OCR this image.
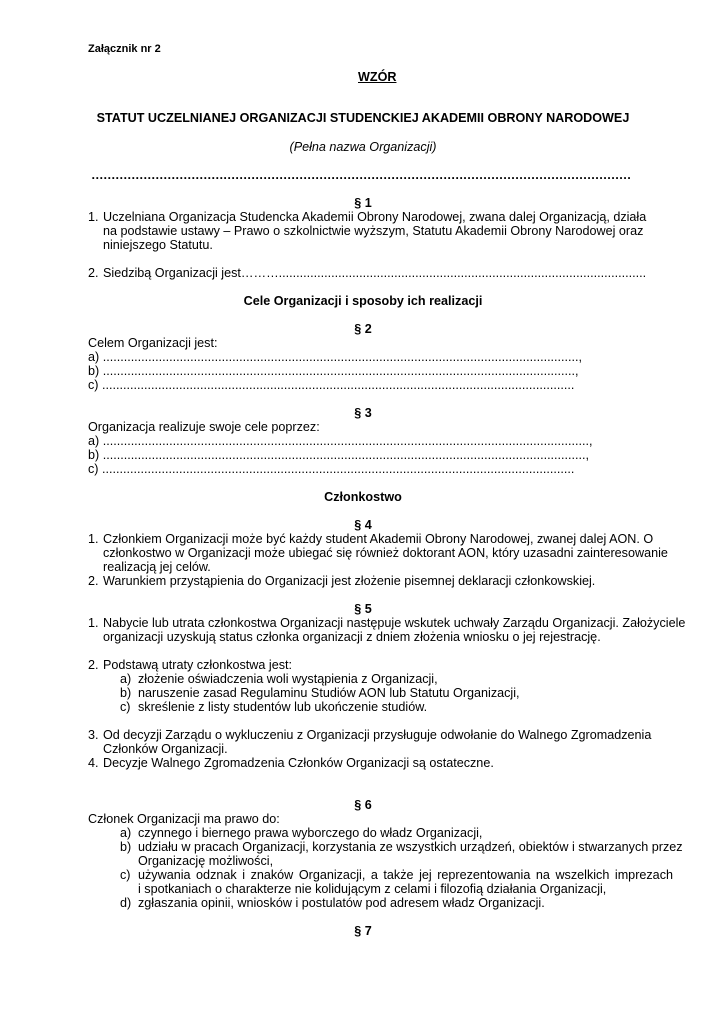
Załącznik nr 2
WZÓR
STATUT UCZELNIANEJ ORGANIZACJI STUDENCKIEJ AKADEMII OBRONY NARODOWEJ
(Pełna nazwa Organizacji)
………………………………………………………………………………………………………………………
§ 1
1. Uczelniana Organizacja Studencka Akademii Obrony Narodowej, zwana dalej Organizacją, działa
na podstawie ustawy – Prawo o szkolnictwie wyższym, Statutu Akademii Obrony Narodowej oraz
niniejszego Statutu.
2. Siedzibą Organizacji jest……….........................................................................................................
Cele Organizacji i sposoby ich realizacji
§ 2
Celem Organizacji jest:
a) ........................................................................................................................................,
b) .......................................................................................................................................,
c) .......................................................................................................................................
§ 3
Organizacja realizuje swoje cele poprzez:
a) ...........................................................................................................................................,
b) ..........................................................................................................................................,
c) .......................................................................................................................................
Członkostwo
§ 4
1. Członkiem Organizacji może być każdy student Akademii Obrony Narodowej, zwanej dalej AON. O
członkostwo w Organizacji może ubiegać się również doktorant AON, który uzasadni zainteresowanie
realizacją jej celów.
2. Warunkiem przystąpienia do Organizacji jest złożenie pisemnej deklaracji członkowskiej.
§ 5
1. Nabycie lub utrata członkostwa Organizacji następuje wskutek uchwały Zarządu Organizacji. Założyciele
organizacji uzyskują status członka organizacji z dniem złożenia wniosku o jej rejestrację.
2. Podstawą utraty członkostwa jest:
a) złożenie oświadczenia woli wystąpienia z Organizacji,
b) naruszenie zasad Regulaminu Studiów AON lub Statutu Organizacji,
c) skreślenie z listy studentów lub ukończenie studiów.
3. Od decyzji Zarządu o wykluczeniu z Organizacji przysługuje odwołanie do Walnego Zgromadzenia
Członków Organizacji.
4. Decyzje Walnego Zgromadzenia Członków Organizacji są ostateczne.
§ 6
Członek Organizacji ma prawo do:
a) czynnego i biernego prawa wyborczego do władz Organizacji,
b) udziału w pracach Organizacji, korzystania ze wszystkich urządzeń, obiektów i stwarzanych przez
Organizację możliwości,
c) używania odznak i znaków Organizacji, a także jej reprezentowania na wszelkich imprezach
i spotkaniach o charakterze nie kolidującym z celami i filozofią działania Organizacji,
d) zgłaszania opinii, wniosków i postulatów pod adresem władz Organizacji.
§ 7
